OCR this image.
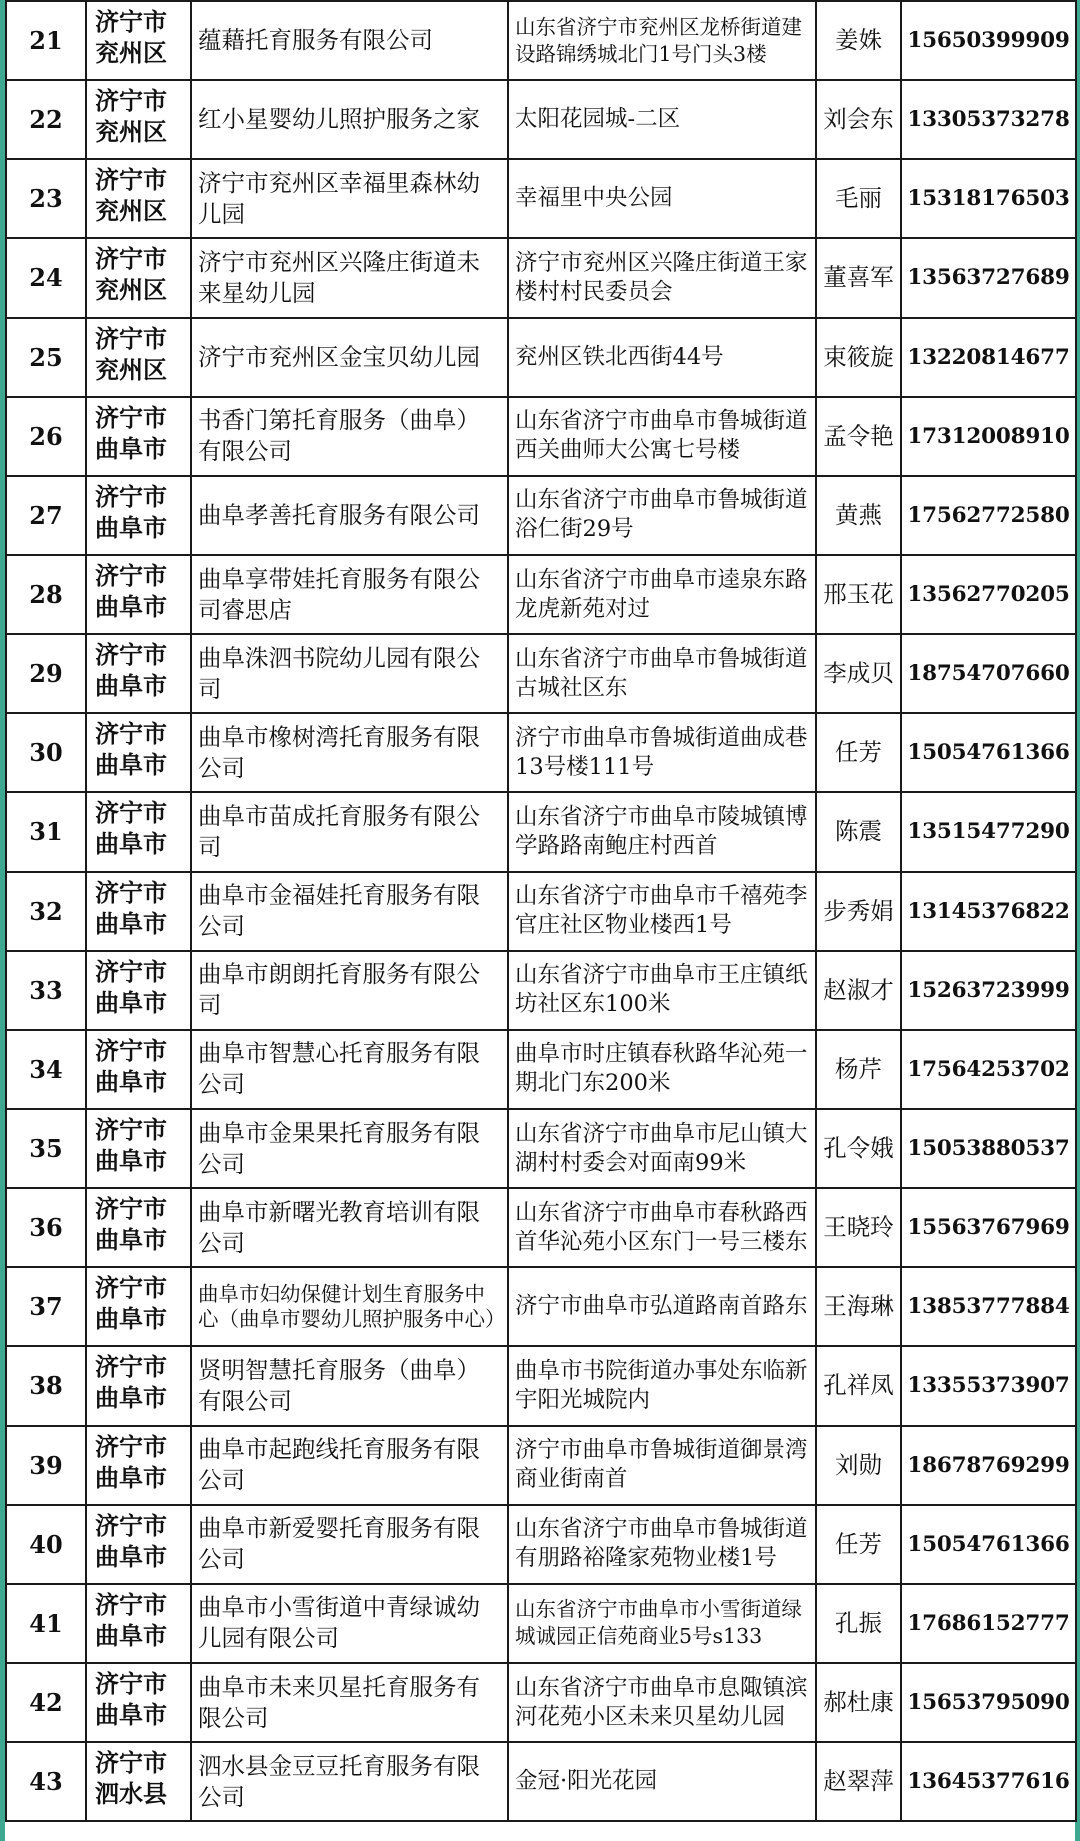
21	济宁市兖州区	蕴藉托育服务有限公司	山东省济宁市兖州区龙桥街道建设路锦绣城北门1号门头3楼	姜姝	15650399909
22	济宁市兖州区	红小星婴幼儿照护服务之家	太阳花园城-二区	刘会东	13305373278
23	济宁市兖州区	济宁市兖州区幸福里森林幼儿园	幸福里中央公园	毛丽	15318176503
24	济宁市兖州区	济宁市兖州区兴隆庄街道未来星幼儿园	济宁市兖州区兴隆庄街道王家楼村村民委员会	董喜军	13563727689
25	济宁市兖州区	济宁市兖州区金宝贝幼儿园	兖州区铁北西街44号	束筱旋	13220814677
26	济宁市曲阜市	书香门第托育服务（曲阜）有限公司	山东省济宁市曲阜市鲁城街道西关曲师大公寓七号楼	孟令艳	17312008910
27	济宁市曲阜市	曲阜孝善托育服务有限公司	山东省济宁市曲阜市鲁城街道浴仁街29号	黄燕	17562772580
28	济宁市曲阜市	曲阜享带娃托育服务有限公司睿思店	山东省济宁市曲阜市逵泉东路龙虎新苑对过	邢玉花	13562770205
29	济宁市曲阜市	曲阜洙泗书院幼儿园有限公司	山东省济宁市曲阜市鲁城街道古城社区东	李成贝	18754707660
30	济宁市曲阜市	曲阜市橡树湾托育服务有限公司	济宁市曲阜市鲁城街道曲成巷13号楼111号	任芳	15054761366
31	济宁市曲阜市	曲阜市苗成托育服务有限公司	山东省济宁市曲阜市陵城镇博学路路南鲍庄村西首	陈震	13515477290
32	济宁市曲阜市	曲阜市金福娃托育服务有限公司	山东省济宁市曲阜市千禧苑李官庄社区物业楼西1号	步秀娟	13145376822
33	济宁市曲阜市	曲阜市朗朗托育服务有限公司	山东省济宁市曲阜市王庄镇纸坊社区东100米	赵淑才	15263723999
34	济宁市曲阜市	曲阜市智慧心托育服务有限公司	曲阜市时庄镇春秋路华沁苑一期北门东200米	杨芹	17564253702
35	济宁市曲阜市	曲阜市金果果托育服务有限公司	山东省济宁市曲阜市尼山镇大湖村村委会对面南99米	孔令娥	15053880537
36	济宁市曲阜市	曲阜市新曙光教育培训有限公司	山东省济宁市曲阜市春秋路西首华沁苑小区东门一号三楼东	王晓玲	15563767969
37	济宁市曲阜市	曲阜市妇幼保健计划生育服务中心（曲阜市婴幼儿照护服务中心）	济宁市曲阜市弘道路南首路东	王海琳	13853777884
38	济宁市曲阜市	贤明智慧托育服务（曲阜）有限公司	曲阜市书院街道办事处东临新宇阳光城院内	孔祥凤	13355373907
39	济宁市曲阜市	曲阜市起跑线托育服务有限公司	济宁市曲阜市鲁城街道御景湾商业街南首	刘勋	18678769299
40	济宁市曲阜市	曲阜市新爱婴托育服务有限公司	山东省济宁市曲阜市鲁城街道有朋路裕隆家苑物业楼1号	任芳	15054761366
41	济宁市曲阜市	曲阜市小雪街道中青绿诚幼儿园有限公司	山东省济宁市曲阜市小雪街道绿城诚园正信苑商业5号s133	孔振	17686152777
42	济宁市曲阜市	曲阜市未来贝星托育服务有限公司	山东省济宁市曲阜市息陬镇滨河花苑小区未来贝星幼儿园	郝杜康	15653795090
43	济宁市泗水县	泗水县金豆豆托育服务有限公司	金冠·阳光花园	赵翠萍	13645377616
